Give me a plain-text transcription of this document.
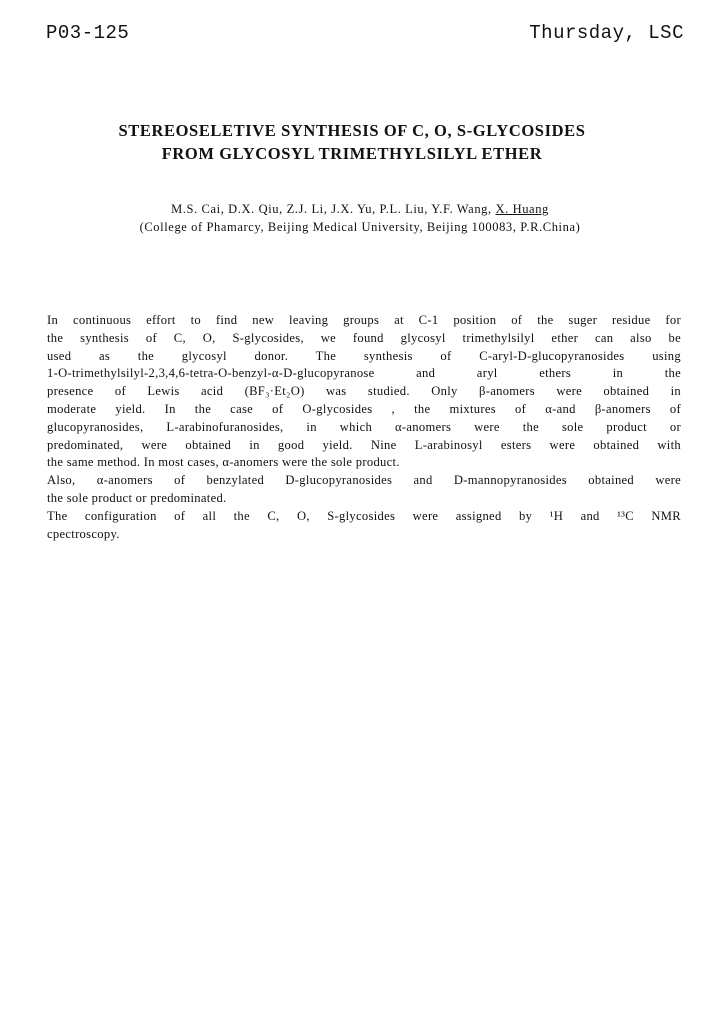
P03-125	Thursday, LSC
STEREOSELETIVE SYNTHESIS OF C, O, S-GLYCOSIDES
FROM GLYCOSYL TRIMETHYLSILYL ETHER
M.S. Cai, D.X. Qiu, Z.J. Li, J.X. Yu, P.L. Liu, Y.F. Wang, X. Huang
(College of Phamarcy, Beijing Medical University, Beijing 100083, P.R.China)
In continuous effort to find new leaving groups at C-1 position of the suger residue for
the synthesis of C, O, S-glycosides, we found glycosyl trimethylsilyl ether can also be
used as the glycosyl donor. The synthesis of C-aryl-D-glucopyranosides using
1-O-trimethylsilyl-2,3,4,6-tetra-O-benzyl-α-D-glucopyranose and aryl ethers in the
presence of Lewis acid (BF₃·Et₂O) was studied. Only β-anomers were obtained in
moderate yield. In the case of O-glycosides , the mixtures of α-and β-anomers of
glucopyranosides, L-arabinofuranosides, in which α-anomers were the sole product or
predominated, were obtained in good yield. Nine L-arabinosyl esters were obtained with
the same method. In most cases, α-anomers were the sole product.
Also, α-anomers of benzylated D-glucopyranosides and D-mannopyranosides obtained were
the sole product or predominated.
The configuration of all the C, O, S-glycosides were assigned by ¹H and ¹³C NMR
cpectroscopy.
